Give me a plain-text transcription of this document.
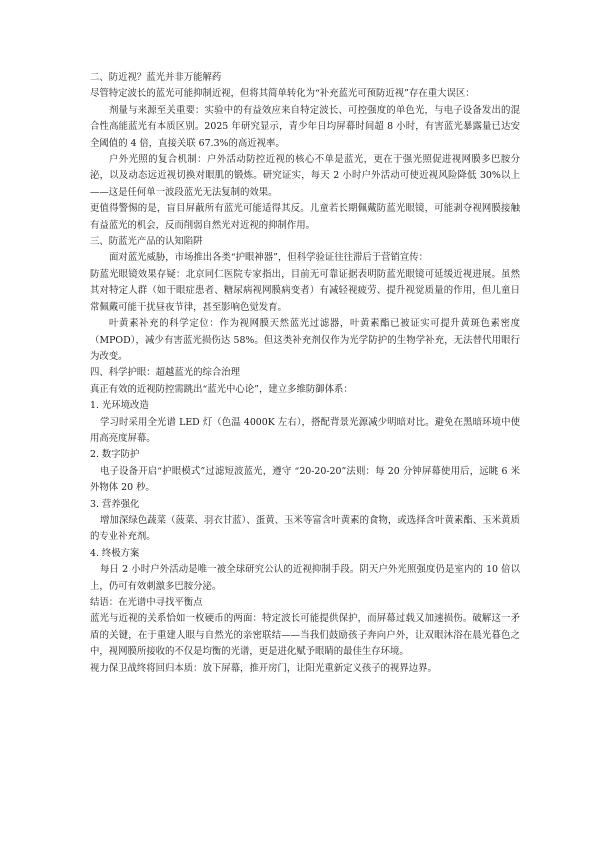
二、防近视？蓝光并非万能解药

尽管特定波长的蓝光可能抑制近视，但将其简单转化为“补充蓝光可预防近视”存在重大误区：

剂量与来源至关重要：实验中的有益效应来自特定波长、可控强度的单色光，与电子设备发出的混合性高能蓝光有本质区别。2025 年研究显示，青少年日均屏幕时间超 8 小时，有害蓝光暴露量已达安全阈值的 4 倍，直接关联 67.3%的高近视率。

户外光照的复合机制：户外活动防控近视的核心不单是蓝光，更在于强光照促进视网膜多巴胺分泌，以及动态远近视切换对眼肌的锻炼。研究证实，每天 2 小时户外活动可使近视风险降低 30%以上——这是任何单一波段蓝光无法复制的效果。

更值得警惕的是，盲目屏蔽所有蓝光可能适得其反。儿童若长期佩戴防蓝光眼镜，可能剥夺视网膜接触有益蓝光的机会，反而削弱自然光对近视的抑制作用。

三、防蓝光产品的认知陷阱

面对蓝光威胁，市场推出各类“护眼神器”，但科学验证往往滞后于营销宣传：

防蓝光眼镜效果存疑：北京同仁医院专家指出，目前无可靠证据表明防蓝光眼镜可延缓近视进展。虽然其对特定人群（如干眼症患者、糖尿病视网膜病变者）有减轻视疲劳、提升视觉质量的作用，但儿童日常佩戴可能干扰昼夜节律，甚至影响色觉发育。

叶黄素补充的科学定位：作为视网膜天然蓝光过滤器，叶黄素酯已被证实可提升黄斑色素密度（MPOD），减少有害蓝光损伤达 58%。但这类补充剂仅作为光学防护的生物学补充，无法替代用眼行为改变。

四、科学护眼：超越蓝光的综合治理

真正有效的近视防控需跳出“蓝光中心论”，建立多维防御体系：

1. 光环境改造

学习时采用全光谱 LED 灯（色温 4000K 左右），搭配背景光源减少明暗对比。避免在黑暗环境中使用高亮度屏幕。

2. 数字防护

电子设备开启“护眼模式”过滤短波蓝光，遵守 “20-20-20”法则：每 20 分钟屏幕使用后，远眺 6 米外物体 20 秒。

3. 营养强化

增加深绿色蔬菜（菠菜、羽衣甘蓝）、蛋黄、玉米等富含叶黄素的食物，或选择含叶黄素酯、玉米黄质的专业补充剂。

4. 终极方案

每日 2 小时户外活动是唯一被全球研究公认的近视抑制手段。阴天户外光照强度仍是室内的 10 倍以上，仍可有效刺激多巴胺分泌。

结语：在光谱中寻找平衡点

蓝光与近视的关系恰如一枚硬币的两面：特定波长可能提供保护，而屏幕过载又加速损伤。破解这一矛盾的关键，在于重建人眼与自然光的亲密联结——当我们鼓励孩子奔向户外，让双眼沐浴在晨光暮色之中，视网膜所接收的不仅是均衡的光谱，更是进化赋予眼睛的最佳生存环境。

视力保卫战终将回归本质：放下屏幕，推开房门，让阳光重新定义孩子的视界边界。
